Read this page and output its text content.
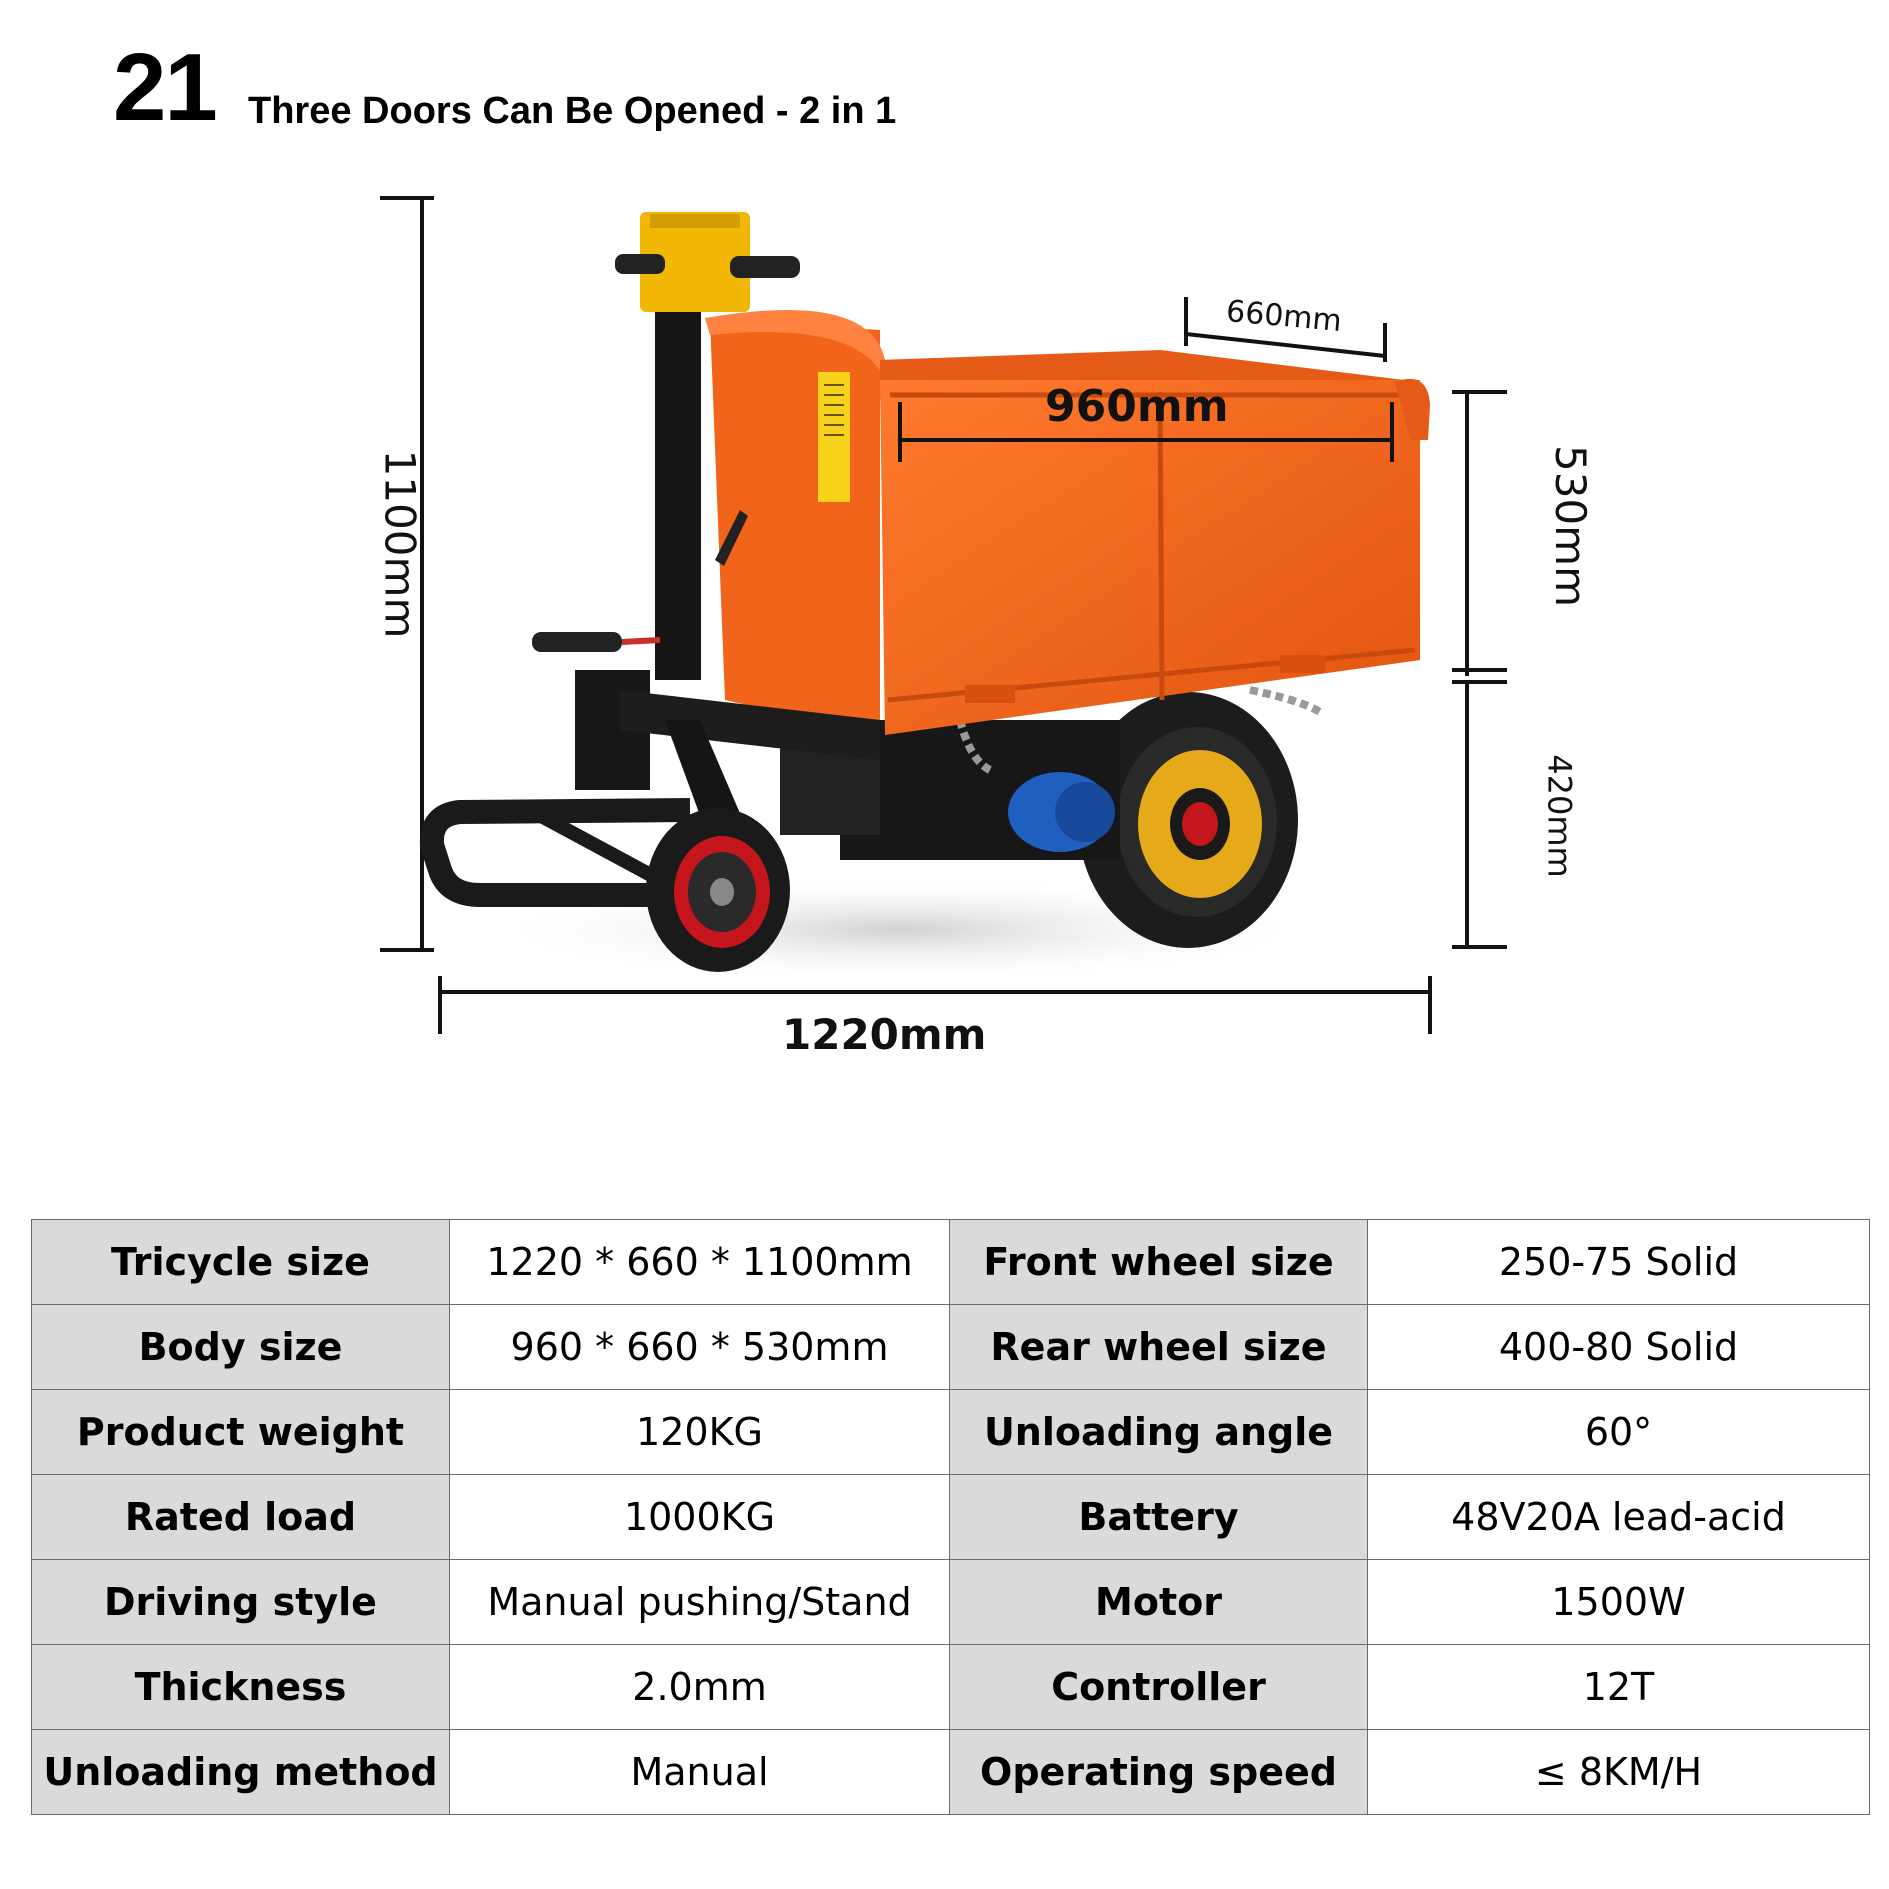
21 Three Doors Can Be Opened - 2 in 1
1100mm
1220mm
960mm
660mm
530mm
420mm
Tricycle size	1220 * 660 * 1100mm	Front wheel size	250-75 Solid
Body size	960 * 660 * 530mm	Rear wheel size	400-80 Solid
Product weight	120KG	Unloading angle	60°
Rated load	1000KG	Battery	48V20A lead-acid
Driving style	Manual pushing/Stand	Motor	1500W
Thickness	2.0mm	Controller	12T
Unloading method	Manual	Operating speed	≤ 8KM/H
